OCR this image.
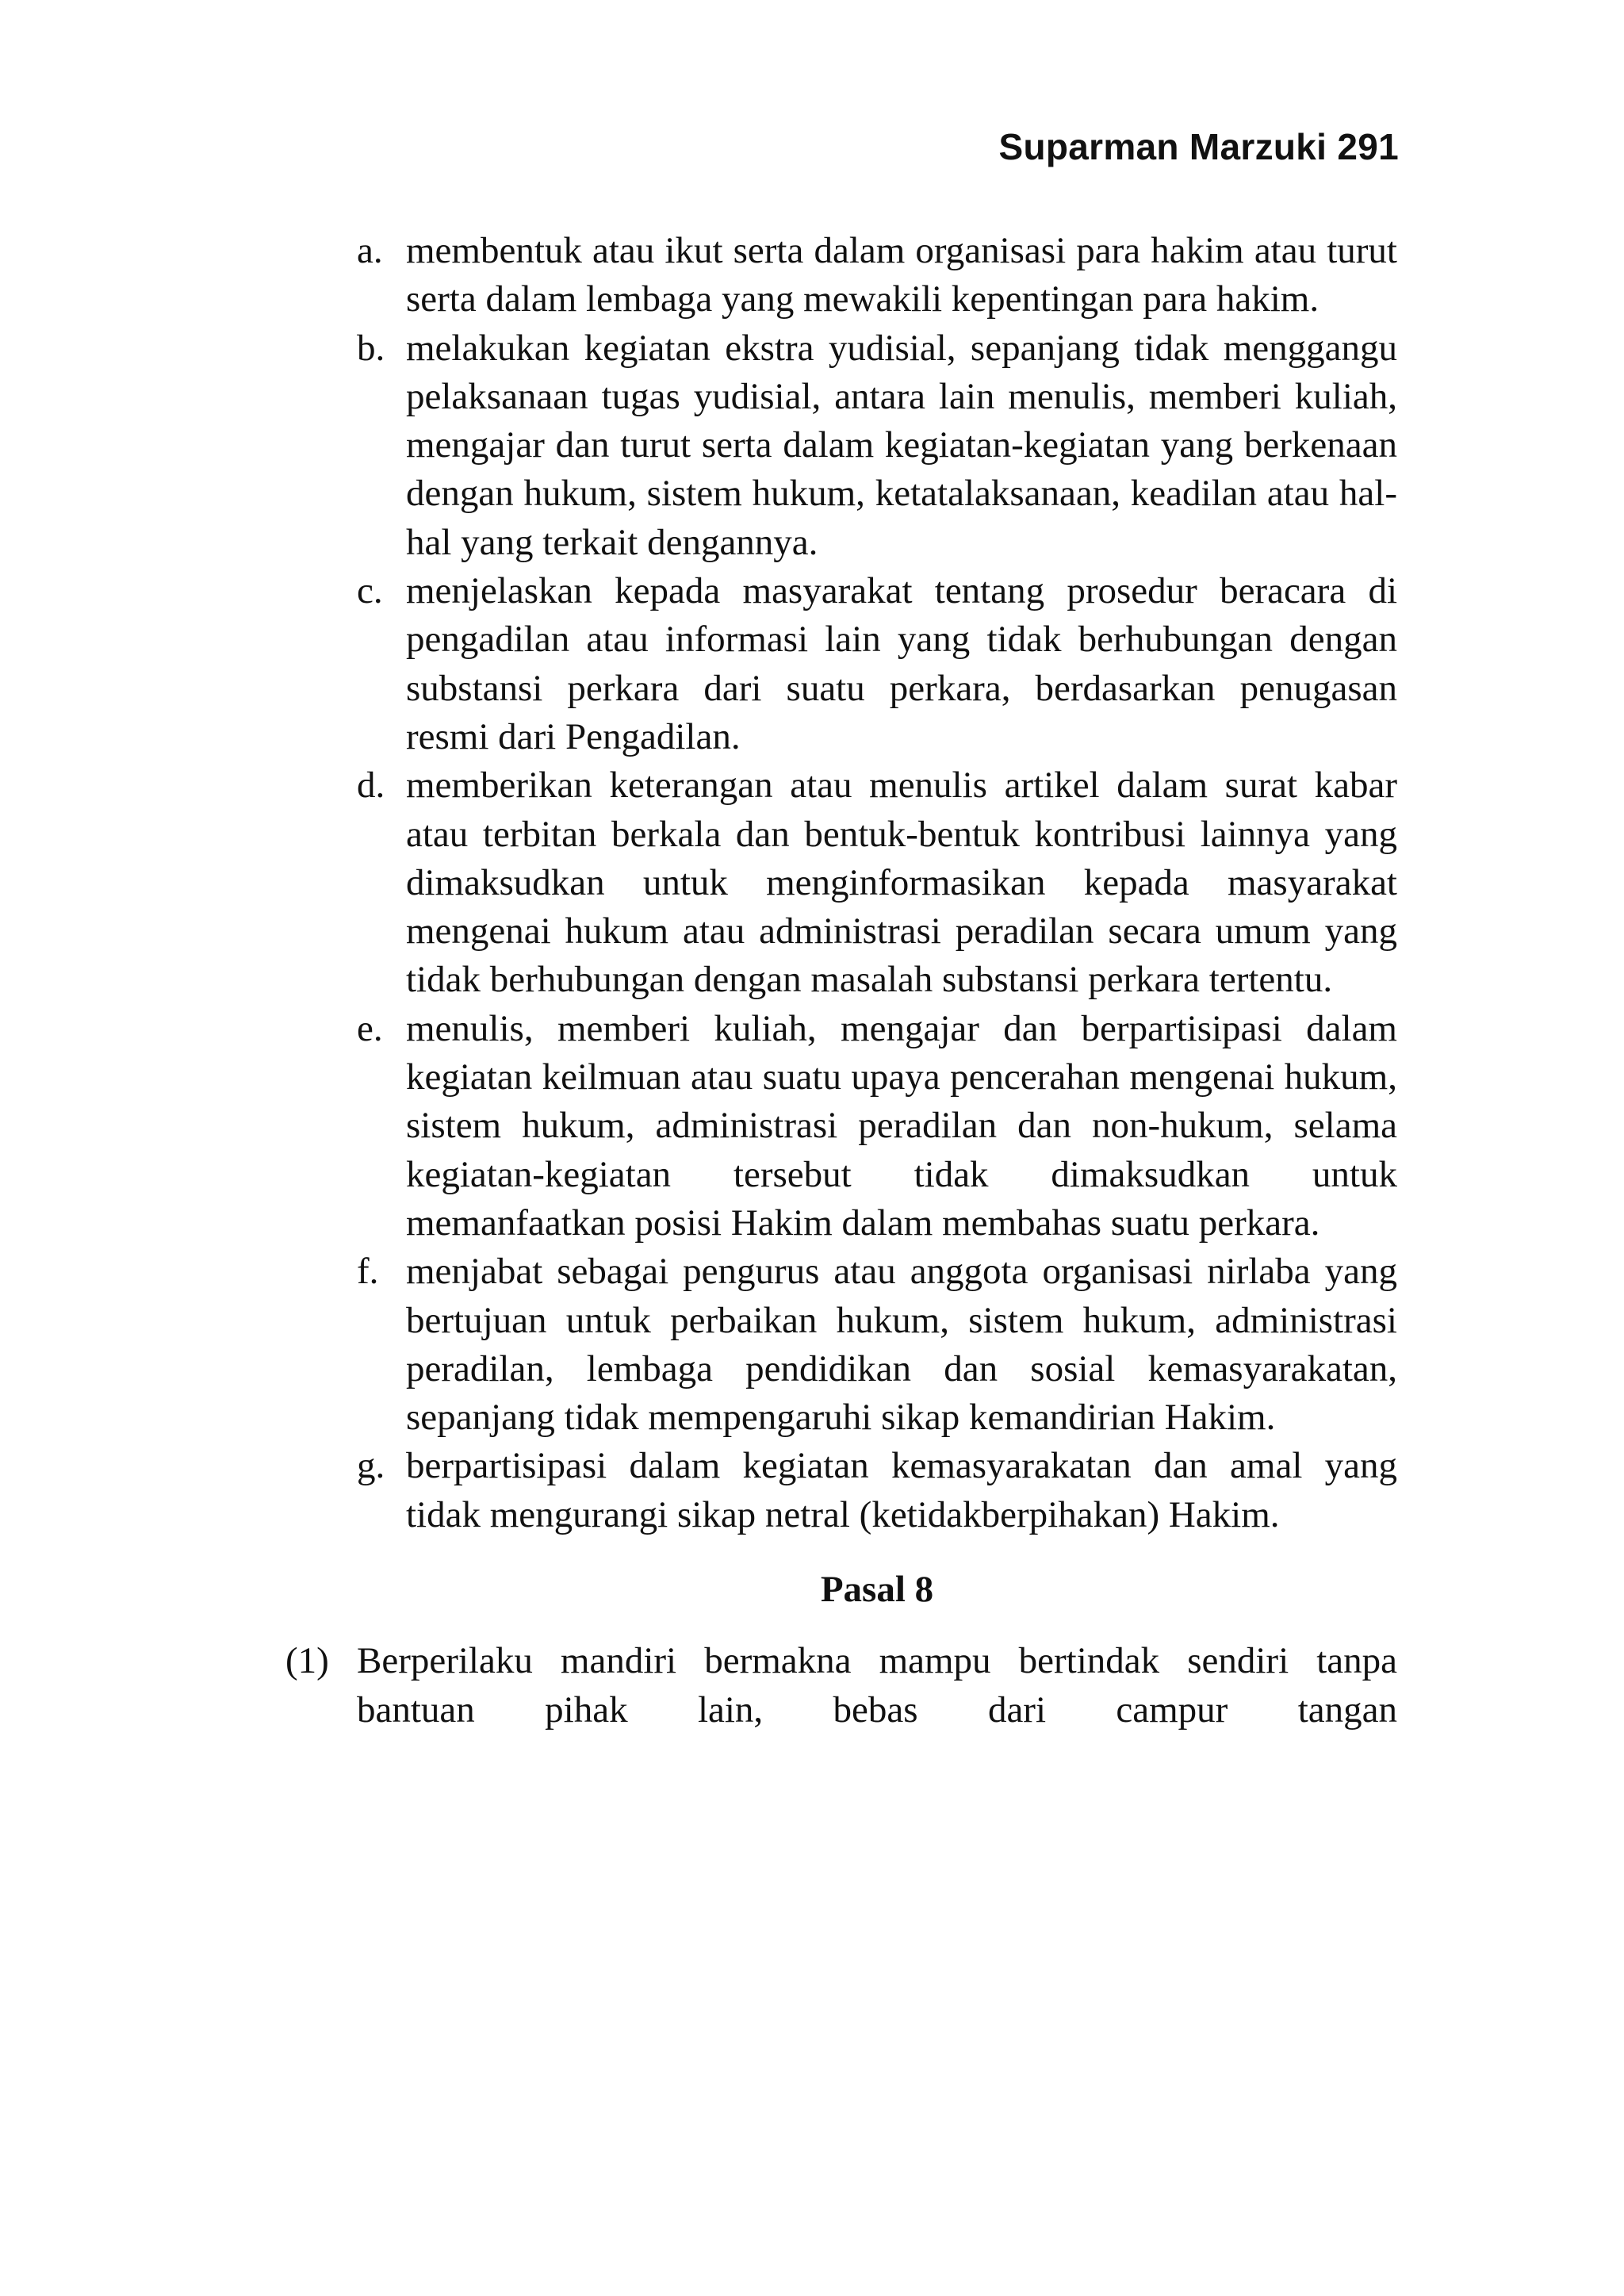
Suparman Marzuki 291
a. membentuk atau ikut serta dalam organisasi para hakim atau turut serta dalam lembaga yang mewakili kepentingan para hakim.
b. melakukan kegiatan ekstra yudisial, sepanjang tidak menggangu pelaksanaan tugas yudisial, antara lain menulis, memberi kuliah, mengajar dan turut serta dalam kegiatan-kegiatan yang berkenaan dengan hukum, sistem hukum, ketatalaksanaan, keadilan atau hal-hal yang terkait dengannya.
c. menjelaskan kepada masyarakat tentang prosedur beracara di pengadilan atau informasi lain yang tidak berhubungan dengan substansi perkara dari suatu perkara, berdasarkan penugasan resmi dari Pengadilan.
d. memberikan keterangan atau menulis artikel dalam surat kabar atau terbitan berkala dan bentuk-bentuk kontribusi lainnya yang dimaksudkan untuk menginformasikan kepada masyarakat mengenai hukum atau administrasi peradilan secara umum yang tidak berhubungan dengan masalah substansi perkara tertentu.
e. menulis, memberi kuliah, mengajar dan berpartisipasi dalam kegiatan keilmuan atau suatu upaya pencerahan mengenai hukum, sistem hukum, administrasi peradilan dan non-hukum, selama kegiatan-kegiatan tersebut tidak dimaksudkan untuk memanfaatkan posisi Hakim dalam membahas suatu perkara.
f. menjabat sebagai pengurus atau anggota organisasi nirlaba yang bertujuan untuk perbaikan hukum, sistem hukum, administrasi peradilan, lembaga pendidikan dan sosial kemasyarakatan, sepanjang tidak mempengaruhi sikap kemandirian Hakim.
g. berpartisipasi dalam kegiatan kemasyarakatan dan amal yang tidak mengurangi sikap netral (ketidakberpihakan) Hakim.
Pasal 8
(1) Berperilaku mandiri bermakna mampu bertindak sendiri tanpa bantuan pihak lain, bebas dari campur tangan
